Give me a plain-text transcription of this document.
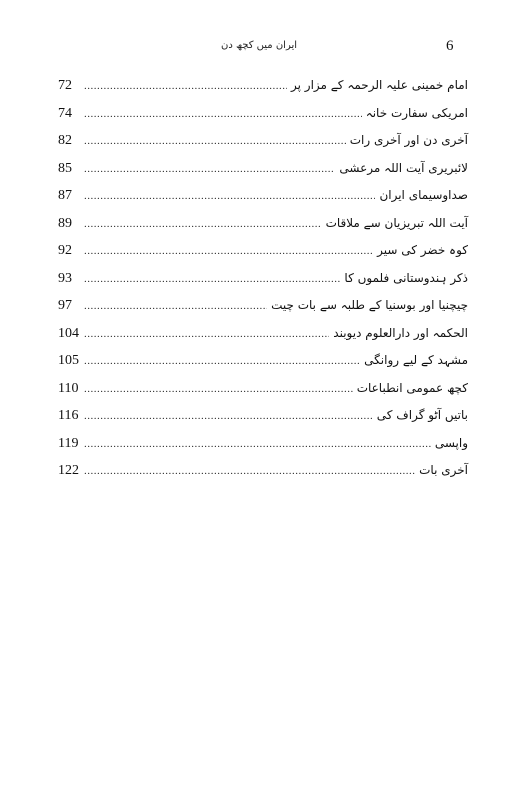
6
ایران میں کچھ دن
72 .....	امام خمینی علیہ الرحمہ کے مزار پر
74 .....	امریکی سفارت خانہ
82 .....	آخری دن اور آخری رات
85 .....	لائبریری آیت اللہ مرعشی
87 .....	صداوسیمای ایران
89 .....	آیت اللہ تبریزیان سے ملاقات
92 .....	کوہ خضر کی سیر
93 .....	ذکر ہندوستانی فلموں کا
97 .....	چیچنیا اور بوسنیا کے طلبہ سے بات چیت
104 .....	الحکمہ اور دارالعلوم دیوبند
105 .....	مشہد کے لیے روانگی
110 .....	کچھ عمومی انطباعات
116 .....	باتیں آٹو گراف کی
119 .....	واپسی
122 .....	آخری بات
